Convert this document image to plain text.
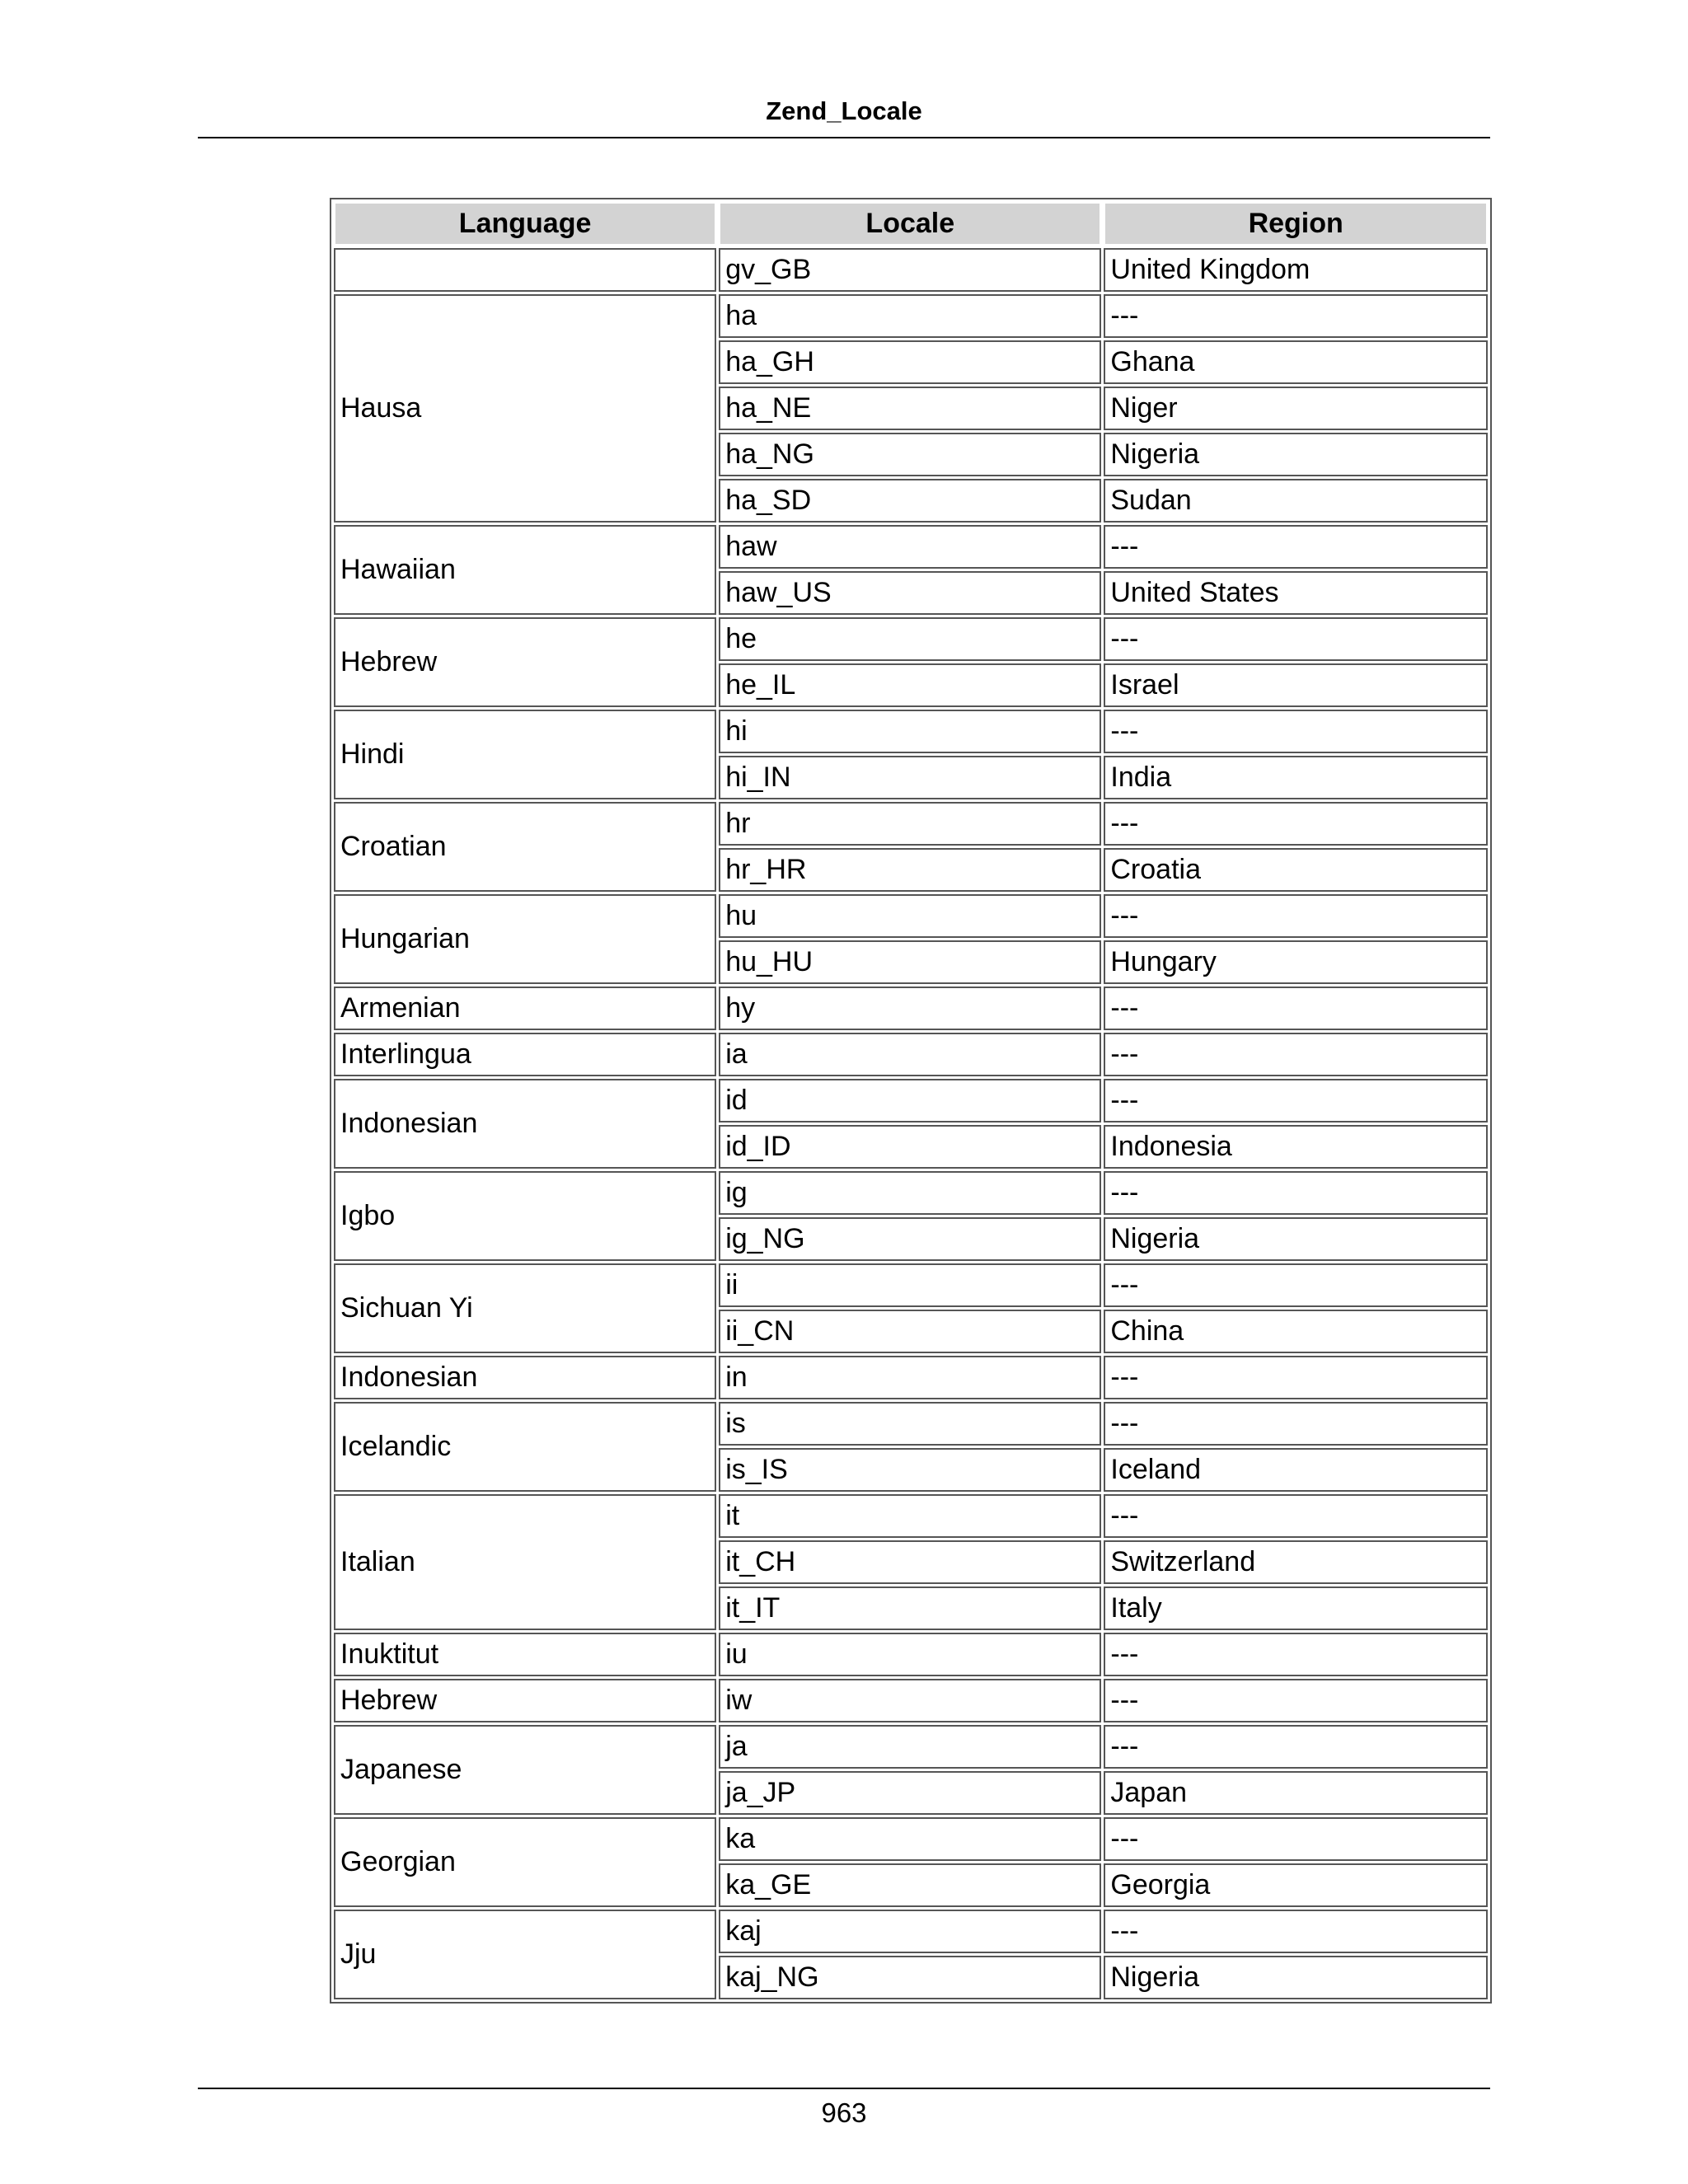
Zend_Locale
Language	Locale	Region
	gv_GB	United Kingdom
Hausa	ha	---
	ha_GH	Ghana
	ha_NE	Niger
	ha_NG	Nigeria
	ha_SD	Sudan
Hawaiian	haw	---
	haw_US	United States
Hebrew	he	---
	he_IL	Israel
Hindi	hi	---
	hi_IN	India
Croatian	hr	---
	hr_HR	Croatia
Hungarian	hu	---
	hu_HU	Hungary
Armenian	hy	---
Interlingua	ia	---
Indonesian	id	---
	id_ID	Indonesia
Igbo	ig	---
	ig_NG	Nigeria
Sichuan Yi	ii	---
	ii_CN	China
Indonesian	in	---
Icelandic	is	---
	is_IS	Iceland
Italian	it	---
	it_CH	Switzerland
	it_IT	Italy
Inuktitut	iu	---
Hebrew	iw	---
Japanese	ja	---
	ja_JP	Japan
Georgian	ka	---
	ka_GE	Georgia
Jju	kaj	---
	kaj_NG	Nigeria
963
